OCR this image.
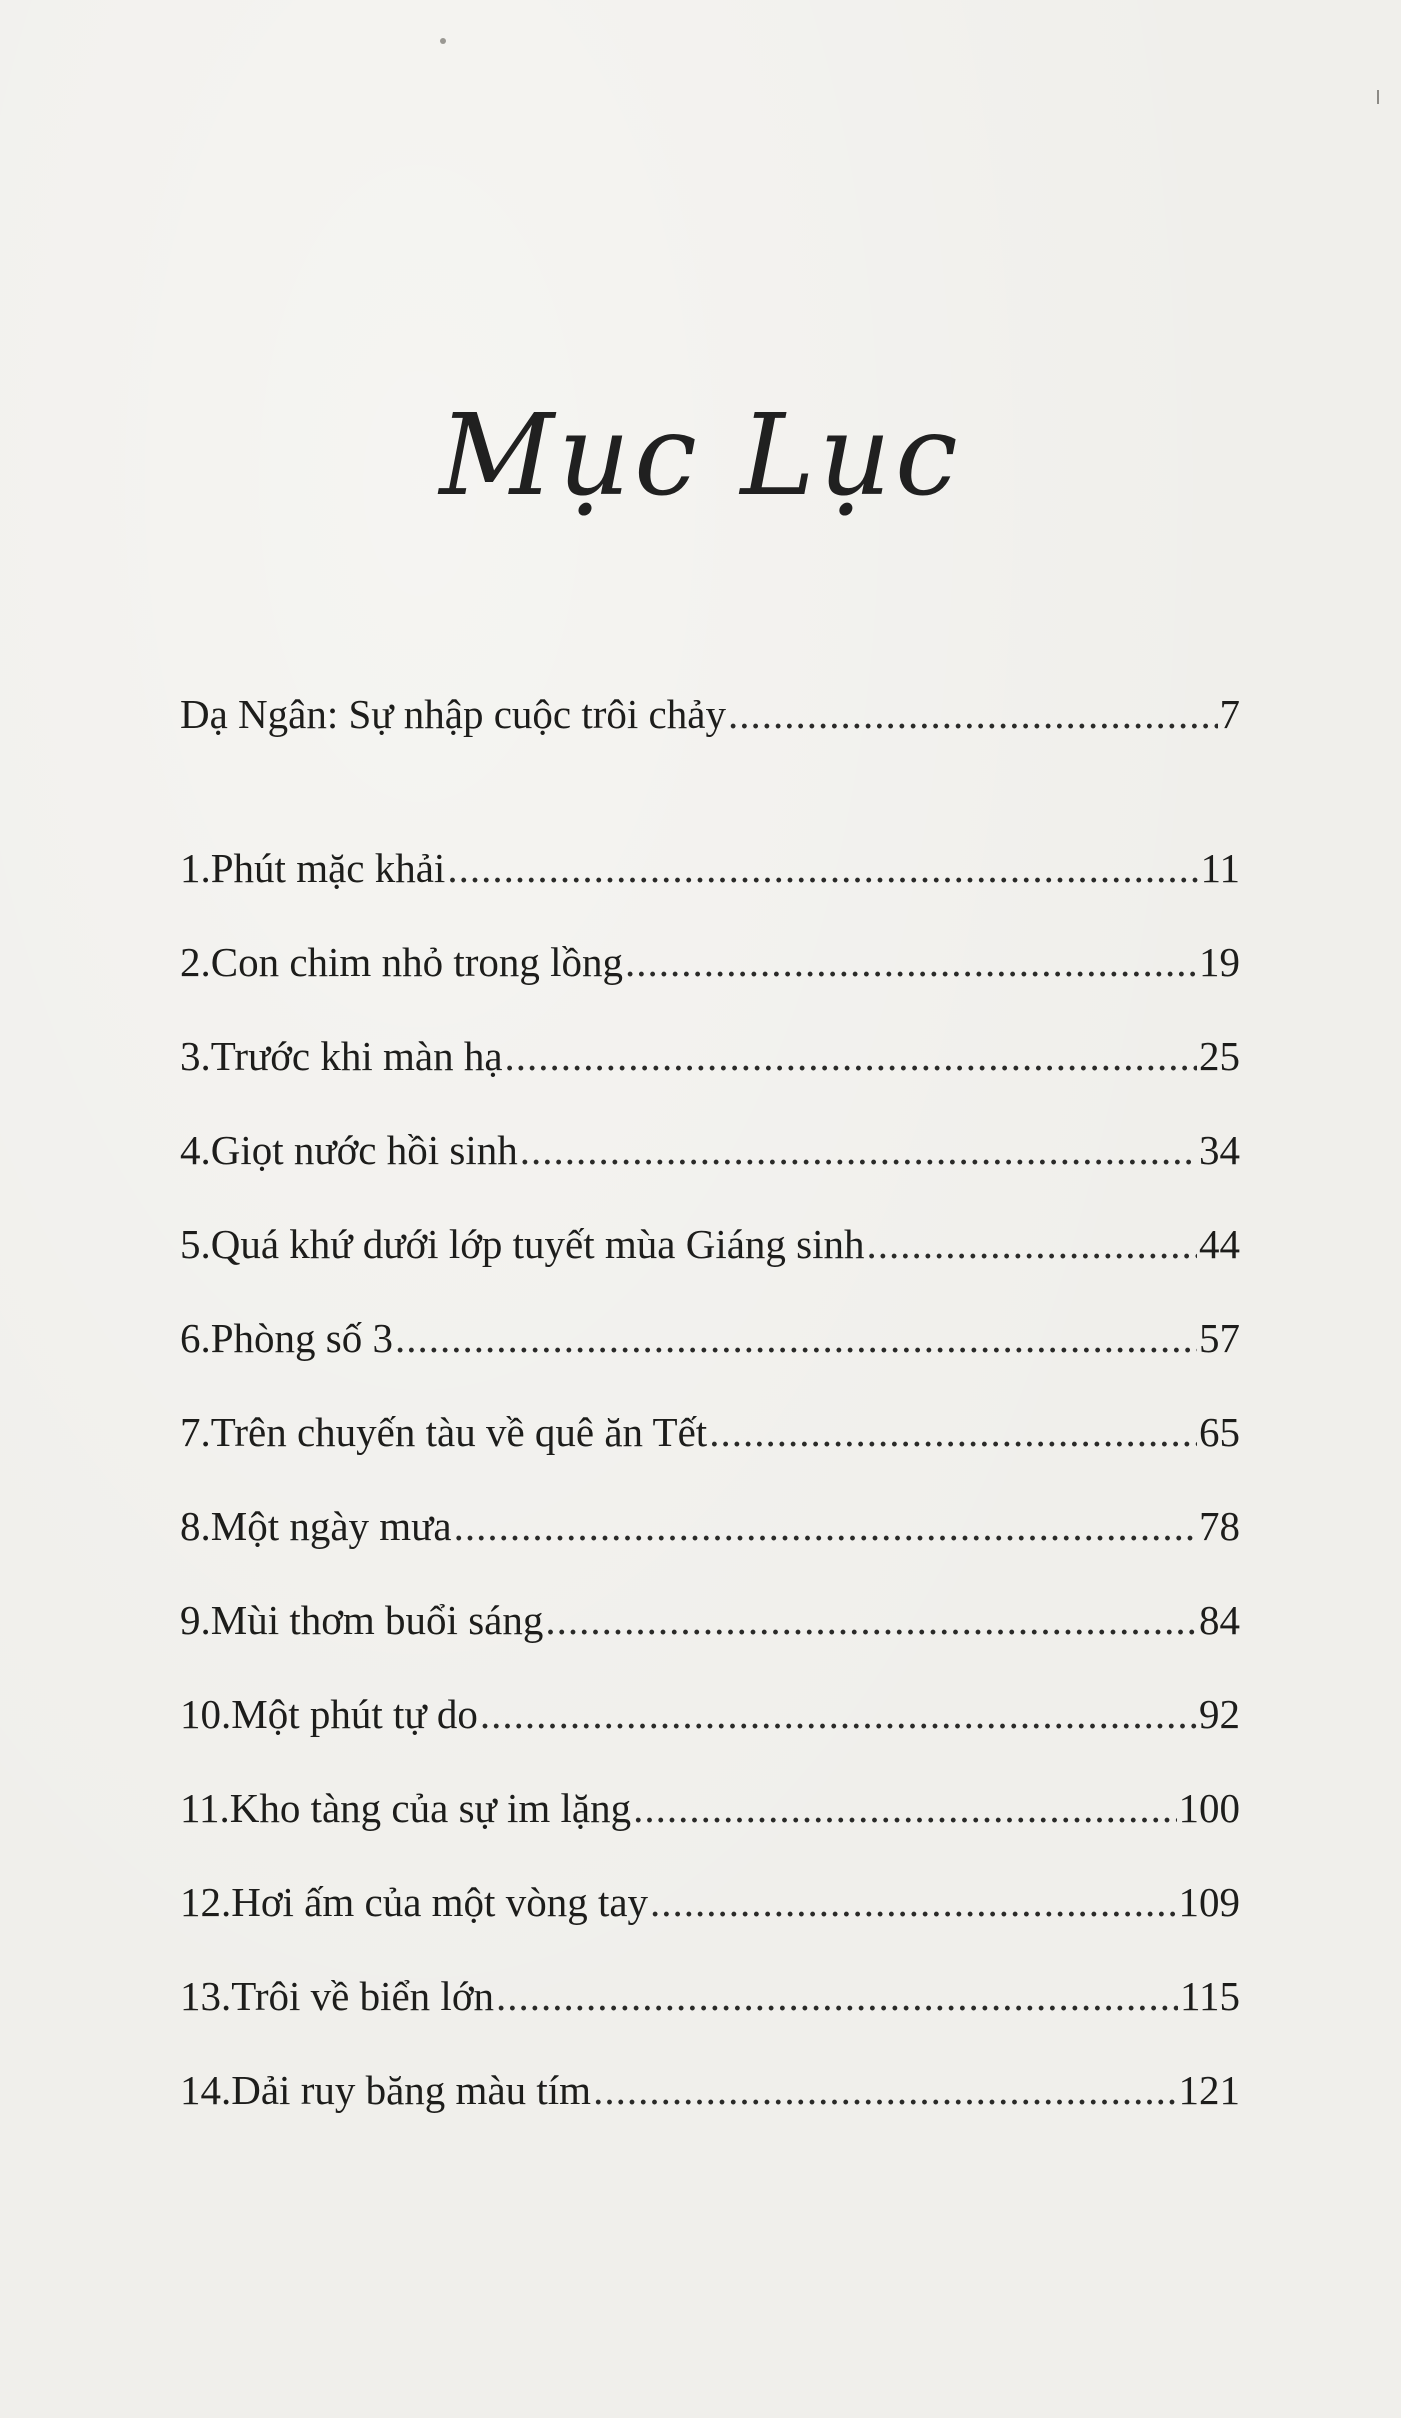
Mục Lục
Dạ Ngân: Sự nhập cuộc trôi chảy .....	7
1. Phút mặc khải .....	11
2. Con chim nhỏ trong lồng .....	19
3. Trước khi màn hạ .....	25
4. Giọt nước hồi sinh .....	34
5. Quá khứ dưới lớp tuyết mùa Giáng sinh .....	44
6. Phòng số 3 .....	57
7. Trên chuyến tàu về quê ăn Tết .....	65
8. Một ngày mưa .....	78
9. Mùi thơm buổi sáng .....	84
10. Một phút tự do .....	92
11. Kho tàng của sự im lặng .....	100
12. Hơi ấm của một vòng tay .....	109
13. Trôi về biển lớn .....	115
14. Dải ruy băng màu tím .....	121
